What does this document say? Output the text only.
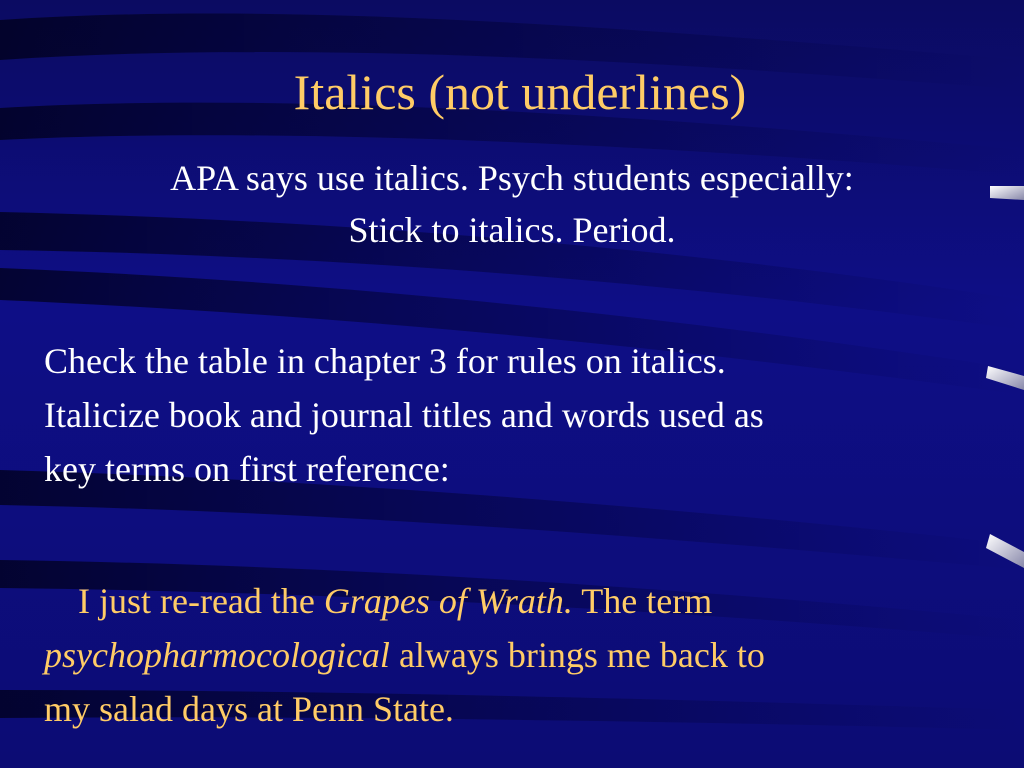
Italics (not underlines)

APA says use italics. Psych students especially:
Stick to italics. Period.

Check the table in chapter 3 for rules on italics.
Italicize book and journal titles and words used as
key terms on first reference:

I just re-read the Grapes of Wrath. The term
psychopharmocological always brings me back to
my salad days at Penn State.
